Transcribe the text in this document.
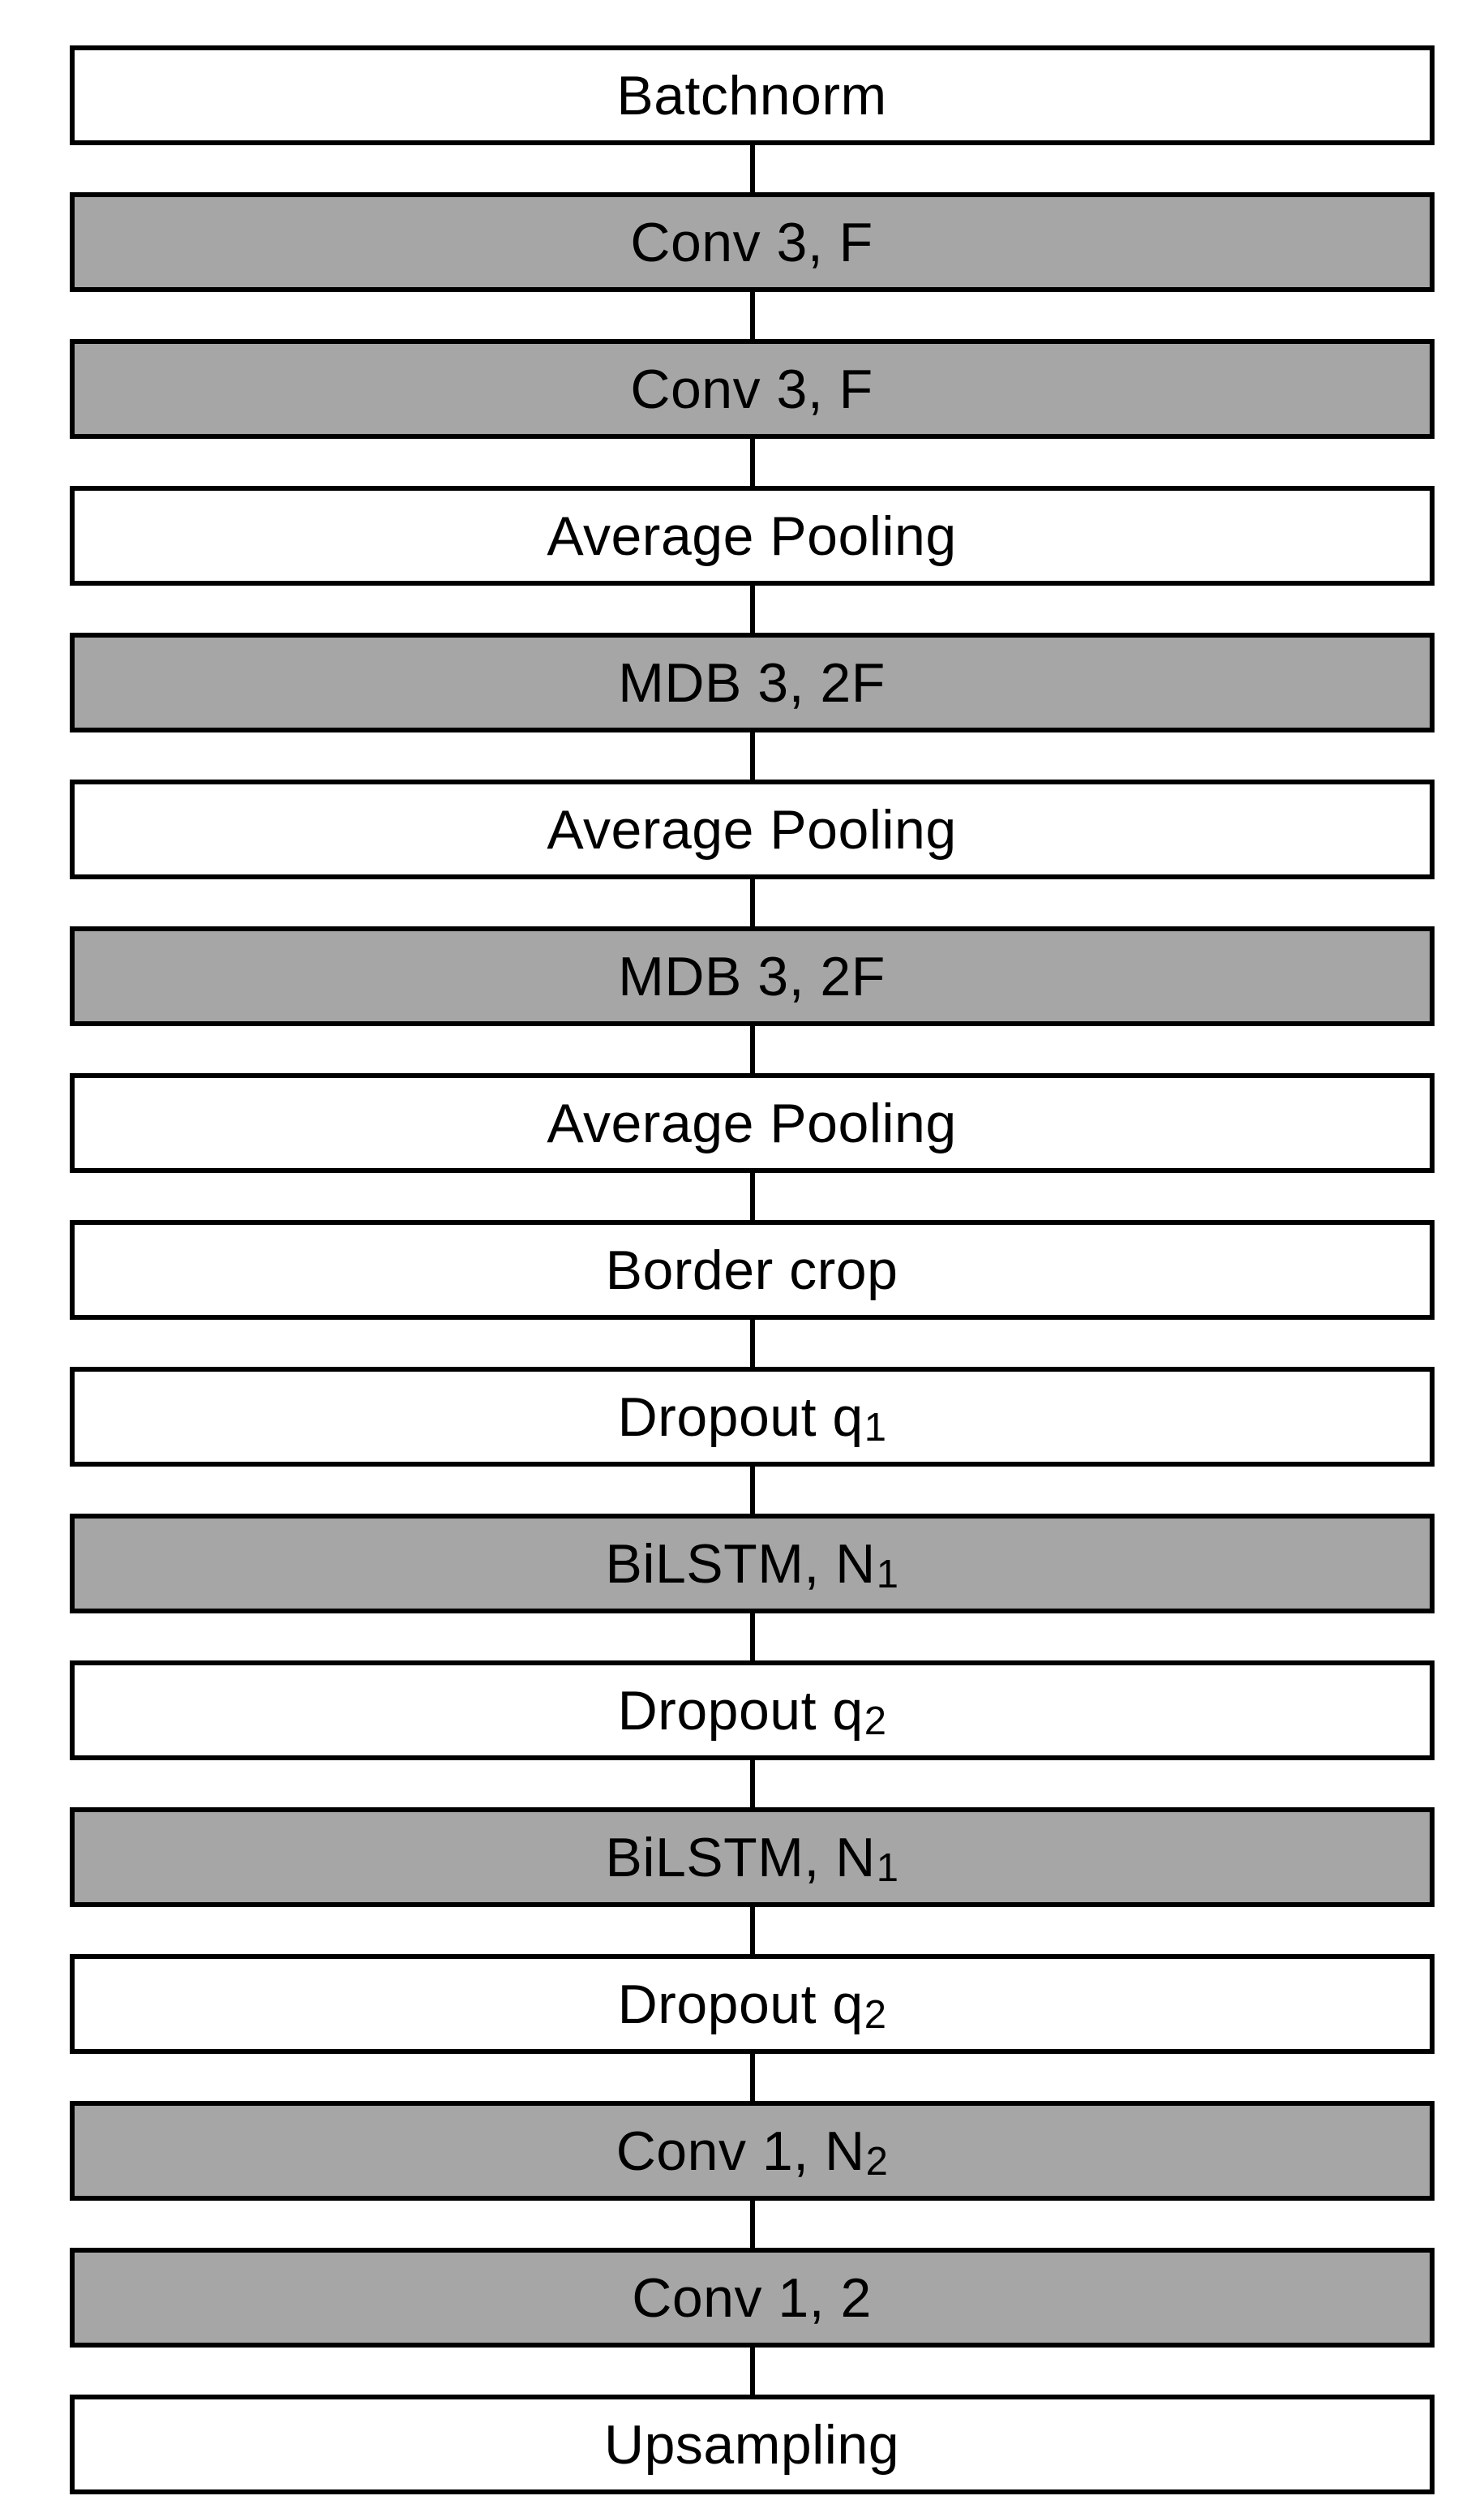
Batchnorm
Conv 3, F
Conv 3, F
Average Pooling
MDB 3, 2F
Average Pooling
MDB 3, 2F
Average Pooling
Border crop
Dropout q 1
BiLSTM, N 1
Dropout q 2
BiLSTM, N 1
Dropout q 2
Conv 1, N 2
Conv 1, 2
Upsampling
